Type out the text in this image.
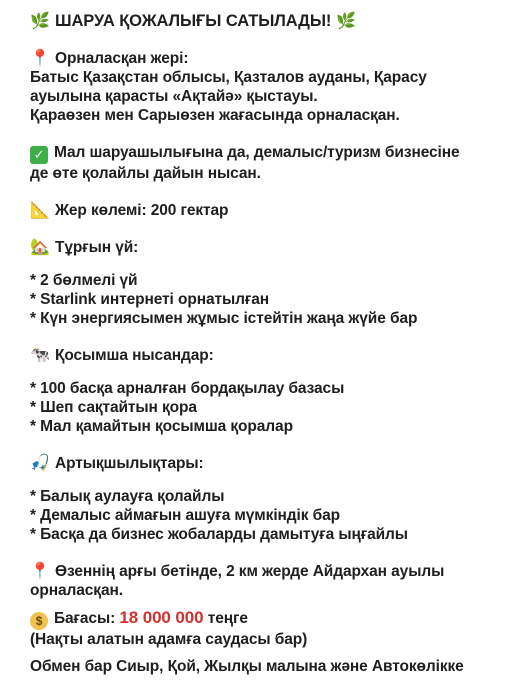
🌿 ШАРУА ҚОЖАЛЫҒЫ САТЫЛАДЫ! 🌿
📍 Орналасқан жері:
Батыс Қазақстан облысы, Қазталов ауданы, Қарасу
ауылына қарасты «Ақтайә» қыстауы.
Қараөзен мен Сарыөзен жағасында орналасқан.
✓ Мал шаруашылығына да, демалыс/туризм бизнесіне
де өте қолайлы дайын нысан.
📐 Жер көлемі: 200 гектар
🏡 Тұрғын үй:
* 2 бөлмелі үй
* Starlink интернеті орнатылған
* Күн энергиясымен жұмыс істейтін жаңа жүйе бар
🐄 Қосымша нысандар:
* 100 басқа арналған бордақылау базасы
* Шеп сақтайтын қора
* Мал қамайтын қосымша қоралар
🎣 Артықшылықтары:
* Балық аулауға қолайлы
* Демалыс аймағын ашуға мүмкіндік бар
* Басқа да бизнес жобаларды дамытуға ыңғайлы
📍 Өзеннің арғы бетінде, 2 км жерде Айдархан ауылы
орналасқан.
$ Бағасы: 18 000 000 теңге
(Нақты алатын адамға саудасы бар)
Обмен бар Сиыр, Қой, Жылқы малына және Автокөлікке
